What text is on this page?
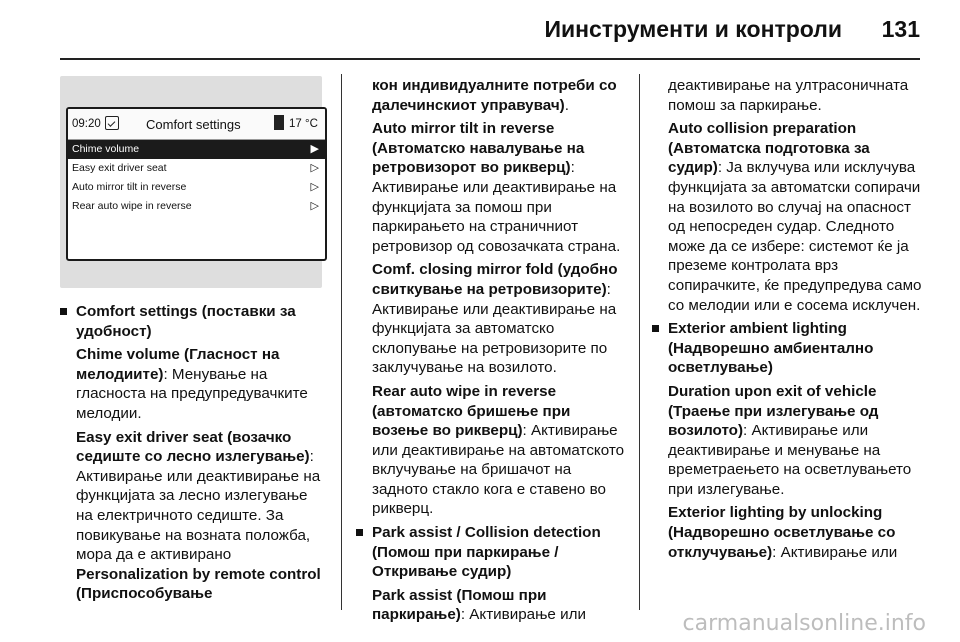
Иинструменти и контроли 131
09:20	Comfort settings	17 °C
Chime volume	▶
Easy exit driver seat	▷
Auto mirror tilt in reverse	▷
Rear auto wipe in reverse	▷

Comfort settings (поставки за удобност)

Chime volume (Гласност на мелодиите): Менување на гласноста на предупредувачките мелодии.

Easy exit driver seat (возачко седиште со лесно излегување): Активирање или деактивирање на функцијата за лесно излегување на електричното седиште. За повикување на возната положба, мора да е активирано Personalization by remote control (Приспособување

кон индивидуалните потреби со далечинскиот управувач).

Auto mirror tilt in reverse (Автоматско навалување на ретровизорот во рикверц): Активирање или деактивирање на функцијата за помош при паркирањето на страничниот ретровизор од совозачката страна.

Comf. closing mirror fold (удобно свиткување на ретровизорите): Активирање или деактивирање на функцијата за автоматско склопување на ретровизорите по заклучување на возилото.

Rear auto wipe in reverse (автоматско бришење при возење во рикверц): Активирање или деактивирање на автоматското вклучување на бришачот на задното стакло кога е ставено во рикверц.

Park assist / Collision detection (Помош при паркирање / Откривање судир)

Park assist (Помош при паркирање): Активирање или

деактивирање на ултрасоничната помош за паркирање.

Auto collision preparation (Автоматска подготовка за судир): Ја вклучува или исклучува функцијата за автоматски сопирачи на возилото во случај на опасност од непосреден судар. Следното може да се избере: системот ќе ја преземе контролата врз сопирачките, ќе предупредува само со мелодии или е сосема исклучен.

Exterior ambient lighting (Надворешно амбиентално осветлување)

Duration upon exit of vehicle (Траење при излегување од возилото): Активирање или деактивирање и менување на времетраењето на осветлувањето при излегување.

Exterior lighting by unlocking (Надворешно осветлување со отклучување): Активирање или

carmanualsonline.info
